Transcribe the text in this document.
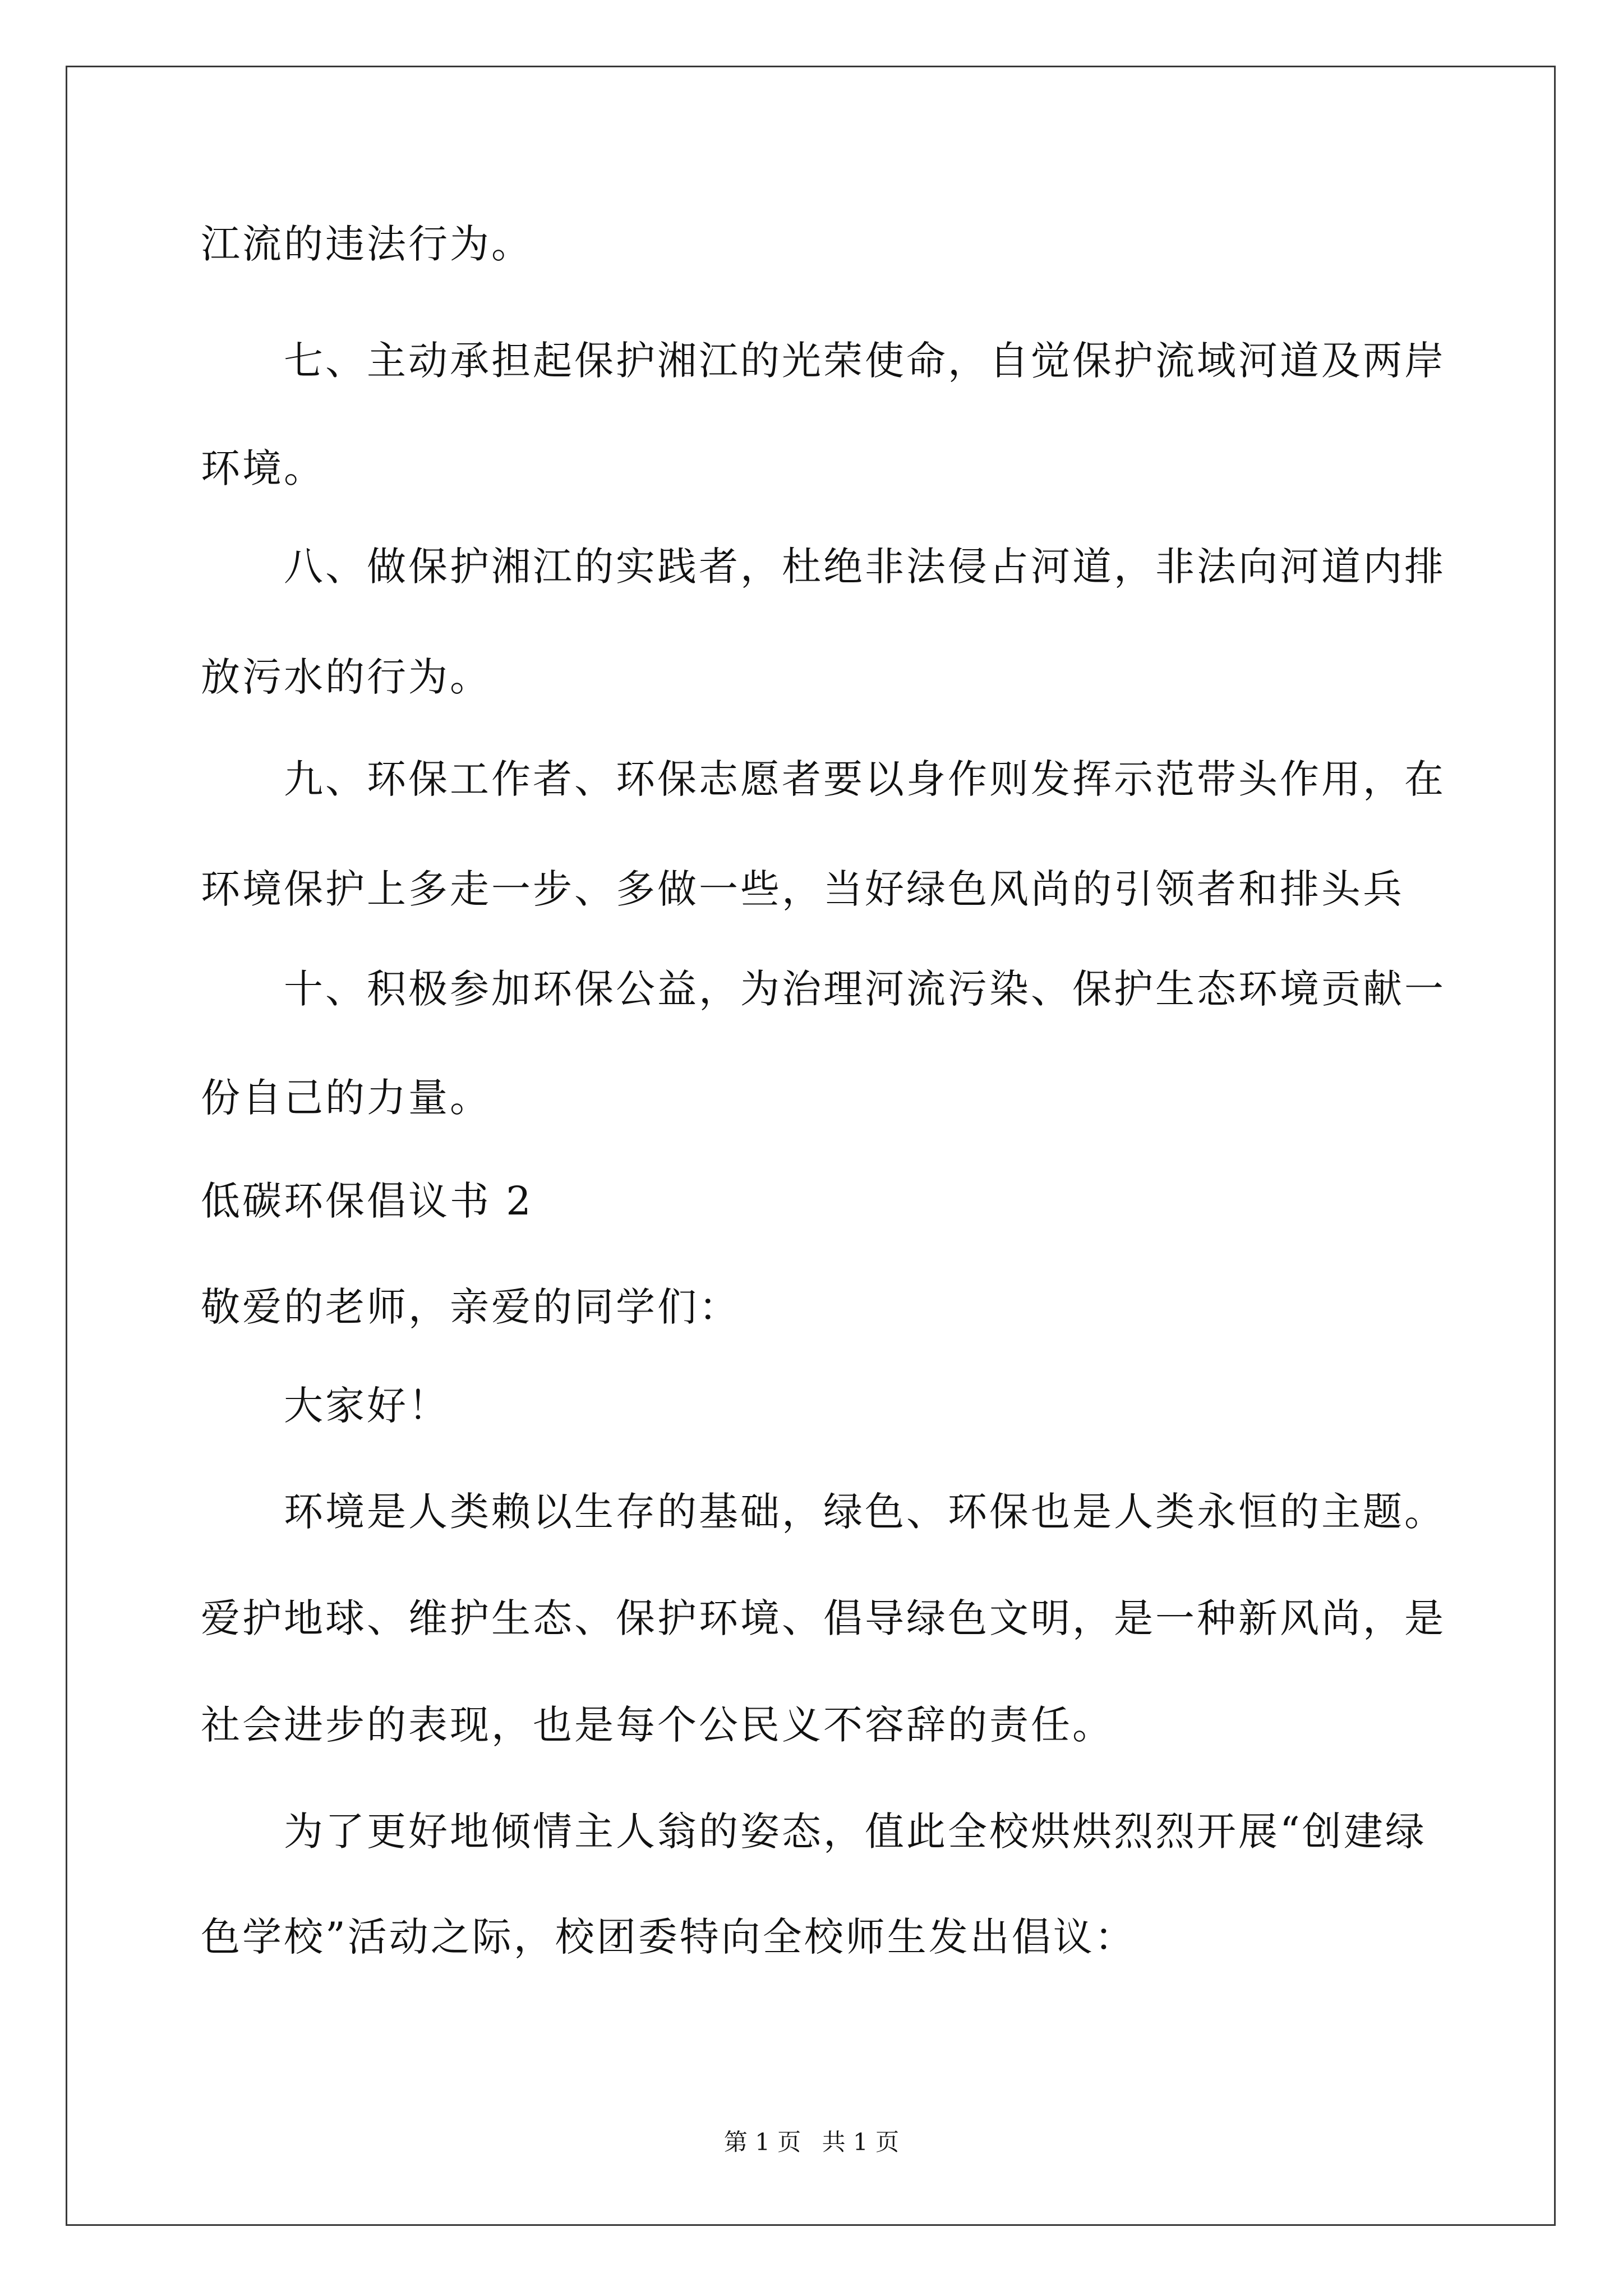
江流的违法行为。
七、主动承担起保护湘江的光荣使命，自觉保护流域河道及两岸
环境。
八、做保护湘江的实践者，杜绝非法侵占河道，非法向河道内排
放污水的行为。
九、环保工作者、环保志愿者要以身作则发挥示范带头作用，在
环境保护上多走一步、多做一些，当好绿色风尚的引领者和排头兵
十、积极参加环保公益，为治理河流污染、保护生态环境贡献一
份自己的力量。
低碳环保倡议书 2
敬爱的老师，亲爱的同学们：
大家好！
环境是人类赖以生存的基础，绿色、环保也是人类永恒的主题。
爱护地球、维护生态、保护环境、倡导绿色文明，是一种新风尚，是
社会进步的表现，也是每个公民义不容辞的责任。
为了更好地倾情主人翁的姿态，值此全校烘烘烈烈开展“创建绿
色学校”活动之际，校团委特向全校师生发出倡议：
第 1 页 共 1 页
